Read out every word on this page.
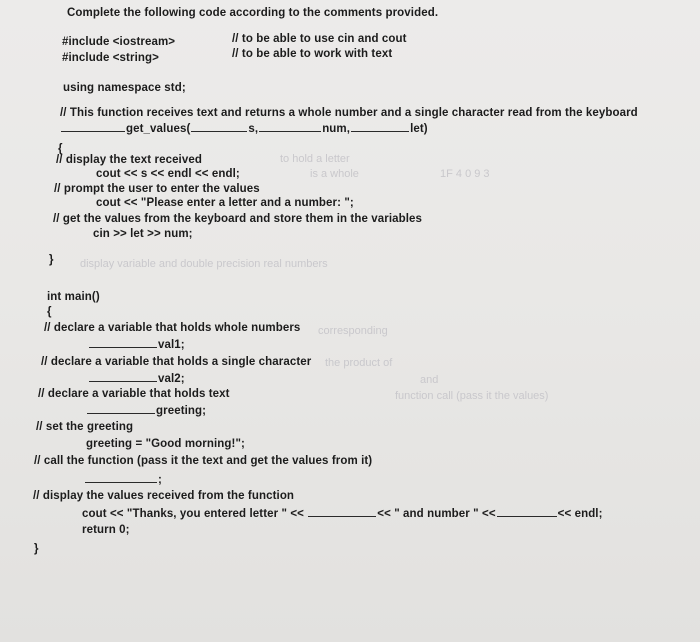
to hold a letter
1F 4 0 9 3
is a whole
display variable and double precision real numbers
corresponding
the product of
and
function call (pass it the values)
Complete the following code according to the comments provided.
#include <iostream>	// to be able to use cin and cout
#include <string>	// to be able to work with text
using namespace std;
// This function receives text and returns a whole number and a single character read from the keyboard
get_values(	s,	num,	let)
{
// display the text received
cout << s << endl << endl;
// prompt the user to enter the values
cout << "Please enter a letter and a number: ";
// get the values from the keyboard and store them in the variables
cin >> let >> num;
}
int main()
{
// declare a variable that holds whole numbers
val1;
// declare a variable that holds a single character
val2;
// declare a variable that holds text
greeting;
// set the greeting
greeting = "Good morning!";
// call the function (pass it the text and get the values from it)
;
// display the values received from the function
cout << "Thanks, you entered letter " <<	<< " and number " <<	<< endl;
return 0;
}
